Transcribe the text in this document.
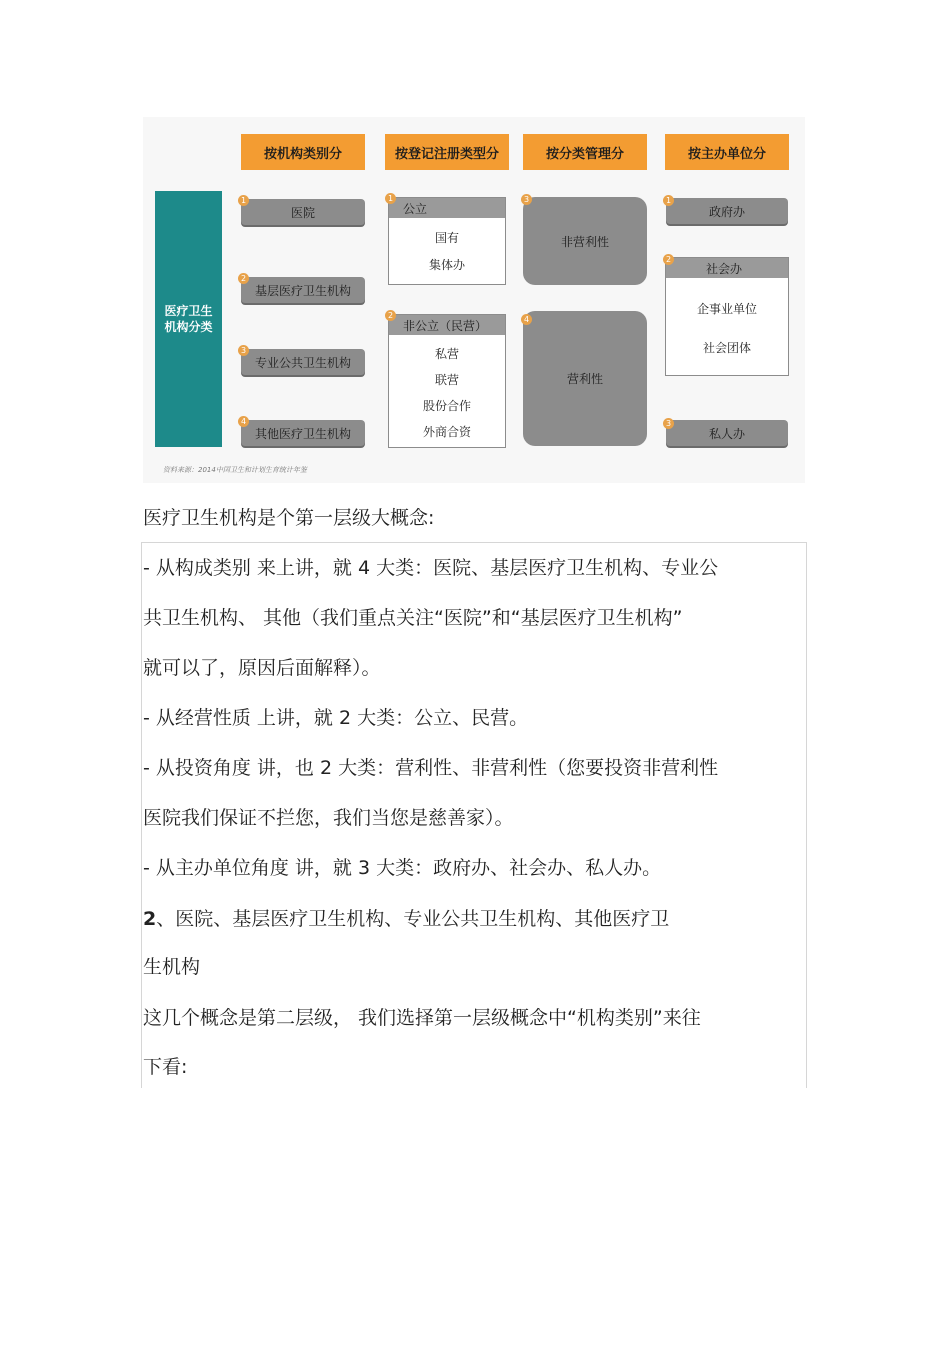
按机构类别分	按登记注册类型分	按分类管理分	按主办单位分
医疗卫生
机构分类
医院
基层医疗卫生机构
专业公共卫生机构
其他医疗卫生机构
1
2
3
4
公立
国有
集体办
1
非公立（民营）
私营
联营
股份合作
外商合资
2
非营利性
3
营利性
4
政府办
1
社会办
企事业单位
社会团体
2
私人办
3
资料来源：2014中国卫生和计划生育统计年鉴
医疗卫生机构是个第一层级大概念:
- 从构成类别 来上讲，就 4 大类：医院、基层医疗卫生机构、专业公
共卫生机构、 其他（我们重点关注“医院”和“基层医疗卫生机构”
就可以了，原因后面解释）。
- 从经营性质 上讲，就 2 大类：公立、民营。
- 从投资角度 讲，也 2 大类：营利性、非营利性（您要投资非营利性
医院我们保证不拦您，我们当您是慈善家）。
- 从主办单位角度 讲，就 3 大类：政府办、社会办、私人办。
2、医院、基层医疗卫生机构、专业公共卫生机构、其他医疗卫
生机构
这几个概念是第二层级， 我们选择第一层级概念中“机构类别”来往
下看:
